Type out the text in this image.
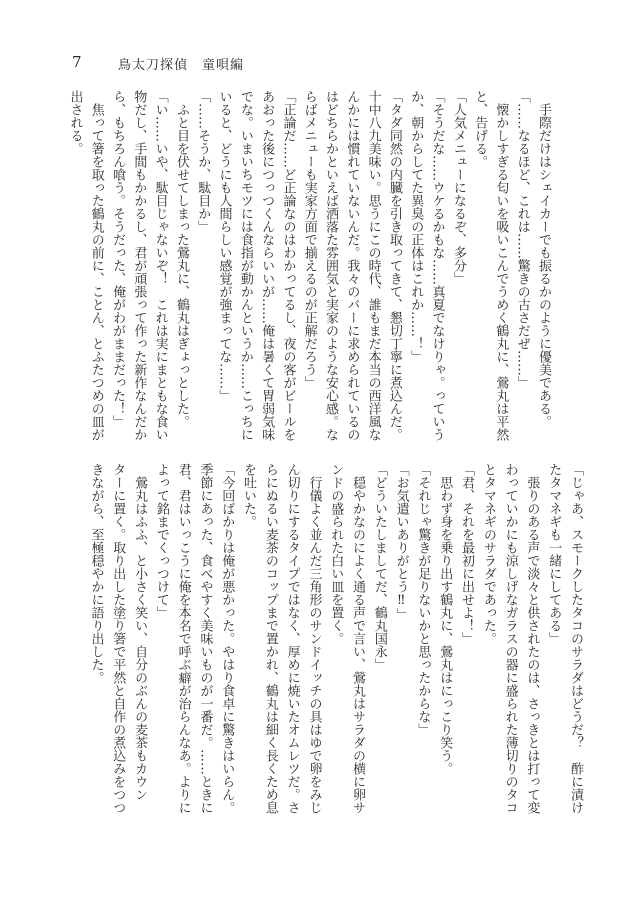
7	鳥太刀探偵　童唄編
　手際だけはシェイカーでも振るかのように優美である。
「……なるほど、これは……驚きの古さだぜ……」
　懐かしすぎる匂いを吸いこんでうめく鶴丸に、鶯丸は平然
と、告げる。
「人気メニューになるぞ、多分」
「そうだな……ウケるかもな……真夏でなけりゃ。っていう
か、朝からしてた異臭の正体はこれか……！」
「タダ同然の内臓を引き取ってきて、懇切丁寧に煮込んだ。
十中八九美味い。思うにこの時代、誰もまだ本当の西洋風な
んかには慣れていないんだ。我々のバーに求められているの
はどちらかといえば洒落た雰囲気と実家のような安心感。な
らばメニューも実家方面で揃えるのが正解だろう」
「正論だ……ど正論なのはわかってるし、夜の客がビールを
あおった後につっつくんならいいが……俺は暑くて胃弱気味
でな。いまいちモツには食指が動かんというか……こっちに
いると、どうにも人間らしい感覚が強まってな……」
「……そうか、駄目か」
　ふと目を伏せてしまった鶯丸に、鶴丸はぎょっとした。
「い……いや、駄目じゃないぞ！　これは実にまともな食い
物だし、手間もかかるし、君が頑張って作った新作なんだか
ら、もちろん喰う。そうだった、俺がわがままだった！」
　焦って箸を取った鶴丸の前に、ことん、とふたつめの皿が
出される。
「じゃあ、スモークしたタコのサラダはどうだ？　酢に漬け
たタマネギも一緒にしてある」
　張りのある声で淡々と供されたのは、さっきとは打って変
わっていかにも涼しげなガラスの器に盛られた薄切りのタコ
とタマネギのサラダであった。
「君、それを最初に出せよ！」
　思わず身を乗り出す鶴丸に、鶯丸はにっこり笑う。
「それじゃ驚きが足りないかと思ったからな」
「お気遣いありがとう‼」
「どういたしましてだ、鶴丸国永」
　穏やかなのによく通る声で言い、鶯丸はサラダの横に卵サ
ンドの盛られた白い皿を置く。
　行儀よく並んだ三角形のサンドイッチの具はゆで卵をみじ
ん切りにするタイプではなく、厚めに焼いたオムレツだ。さ
らにぬるい麦茶のコップまで置かれ、鶴丸は細く長くため息
を吐いた。
「今回ばかりは俺が悪かった。やはり食卓に驚きはいらん。
季節にあった、食べやすく美味いものが一番だ。……ときに
君、君はいっこうに俺を本名で呼ぶ癖が治らんなあ。よりに
よって銘までくっつけて」
　鶯丸はふふ、と小さく笑い、自分のぶんの麦茶もカウン
ターに置く。取り出した塗り箸で平然と自作の煮込みをつつ
きながら、至極穏やかに語り出した。
